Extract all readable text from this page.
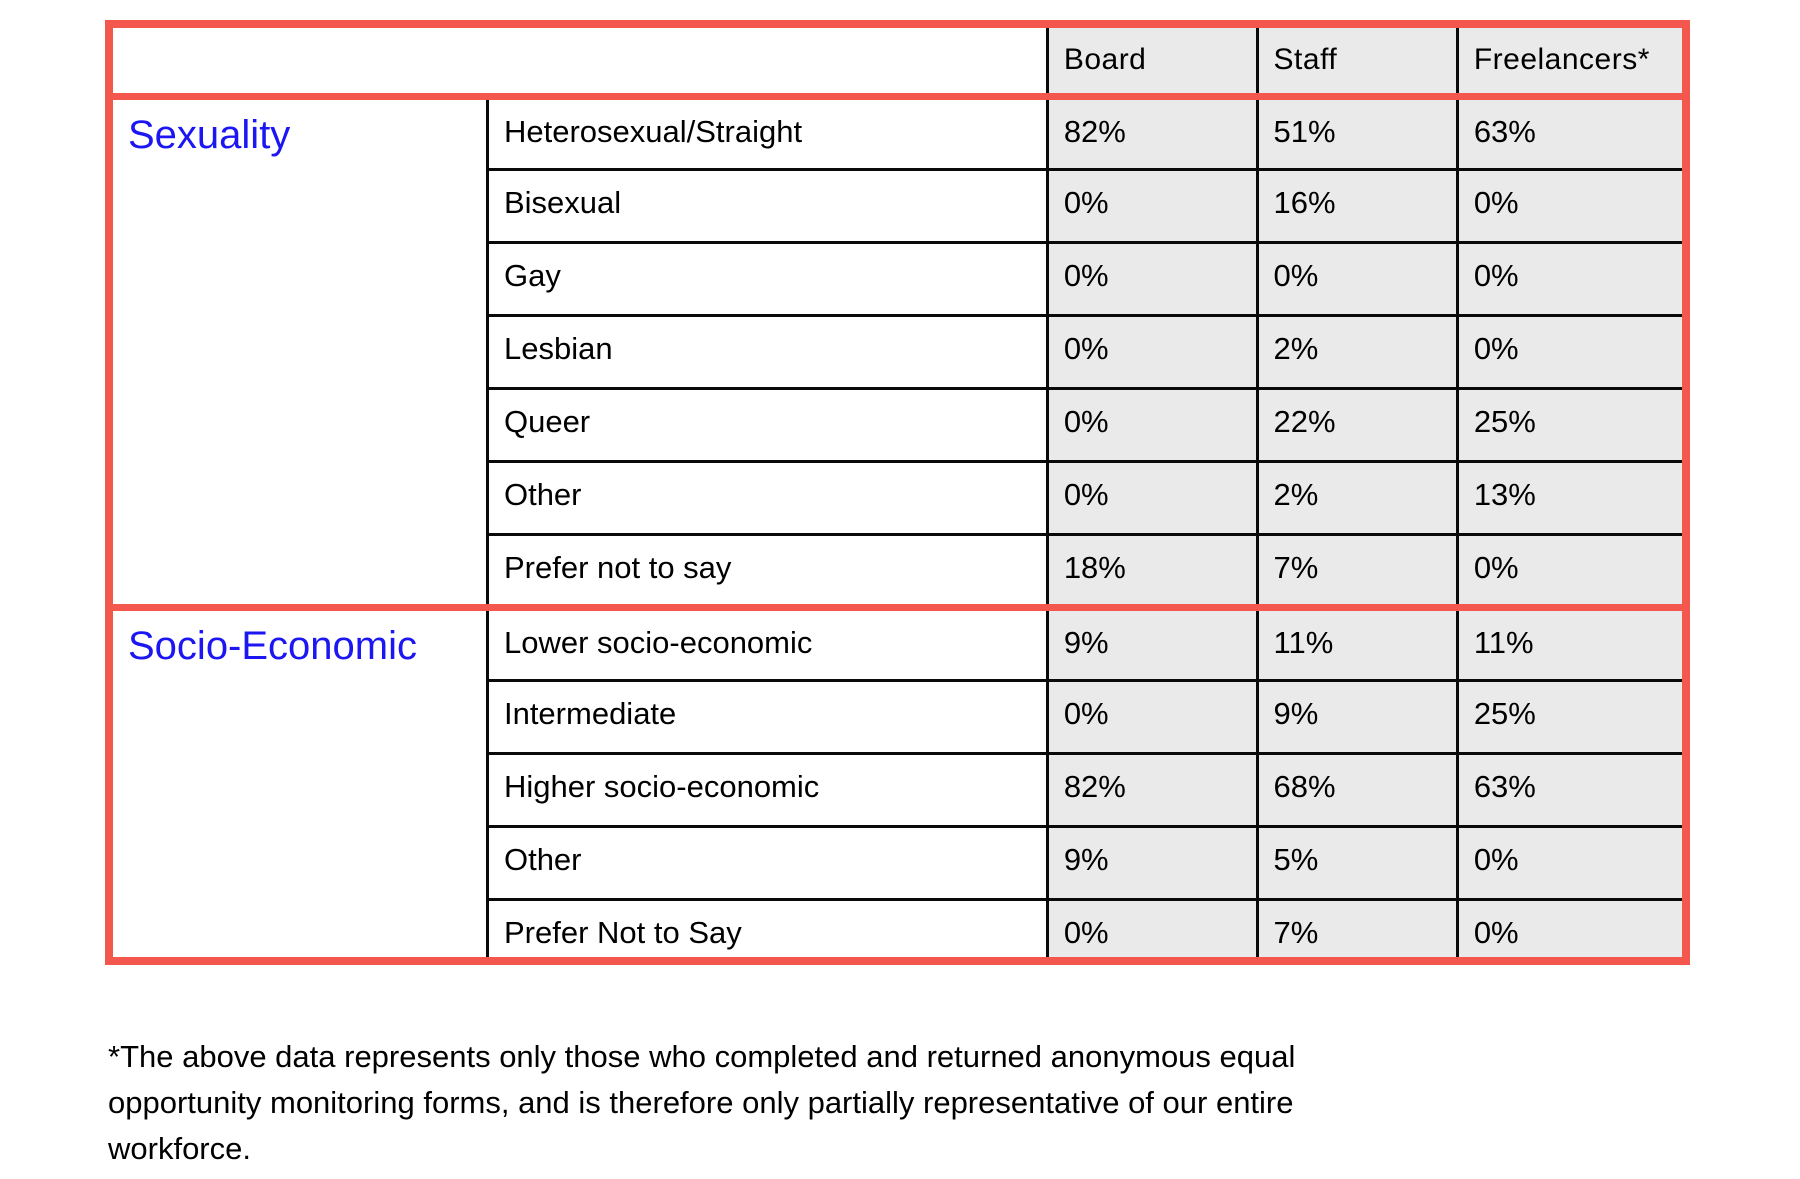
		Board	Staff	Freelancers*
Sexuality	Heterosexual/Straight	82%	51%	63%
	Bisexual	0%	16%	0%
	Gay	0%	0%	0%
	Lesbian	0%	2%	0%
	Queer	0%	22%	25%
	Other	0%	2%	13%
	Prefer not to say	18%	7%	0%
Socio-Economic	Lower socio-economic	9%	11%	11%
	Intermediate	0%	9%	25%
	Higher socio-economic	82%	68%	63%
	Other	9%	5%	0%
	Prefer Not to Say	0%	7%	0%
*The above data represents only those who completed and returned anonymous equal
opportunity monitoring forms, and is therefore only partially representative of our entire
workforce.
